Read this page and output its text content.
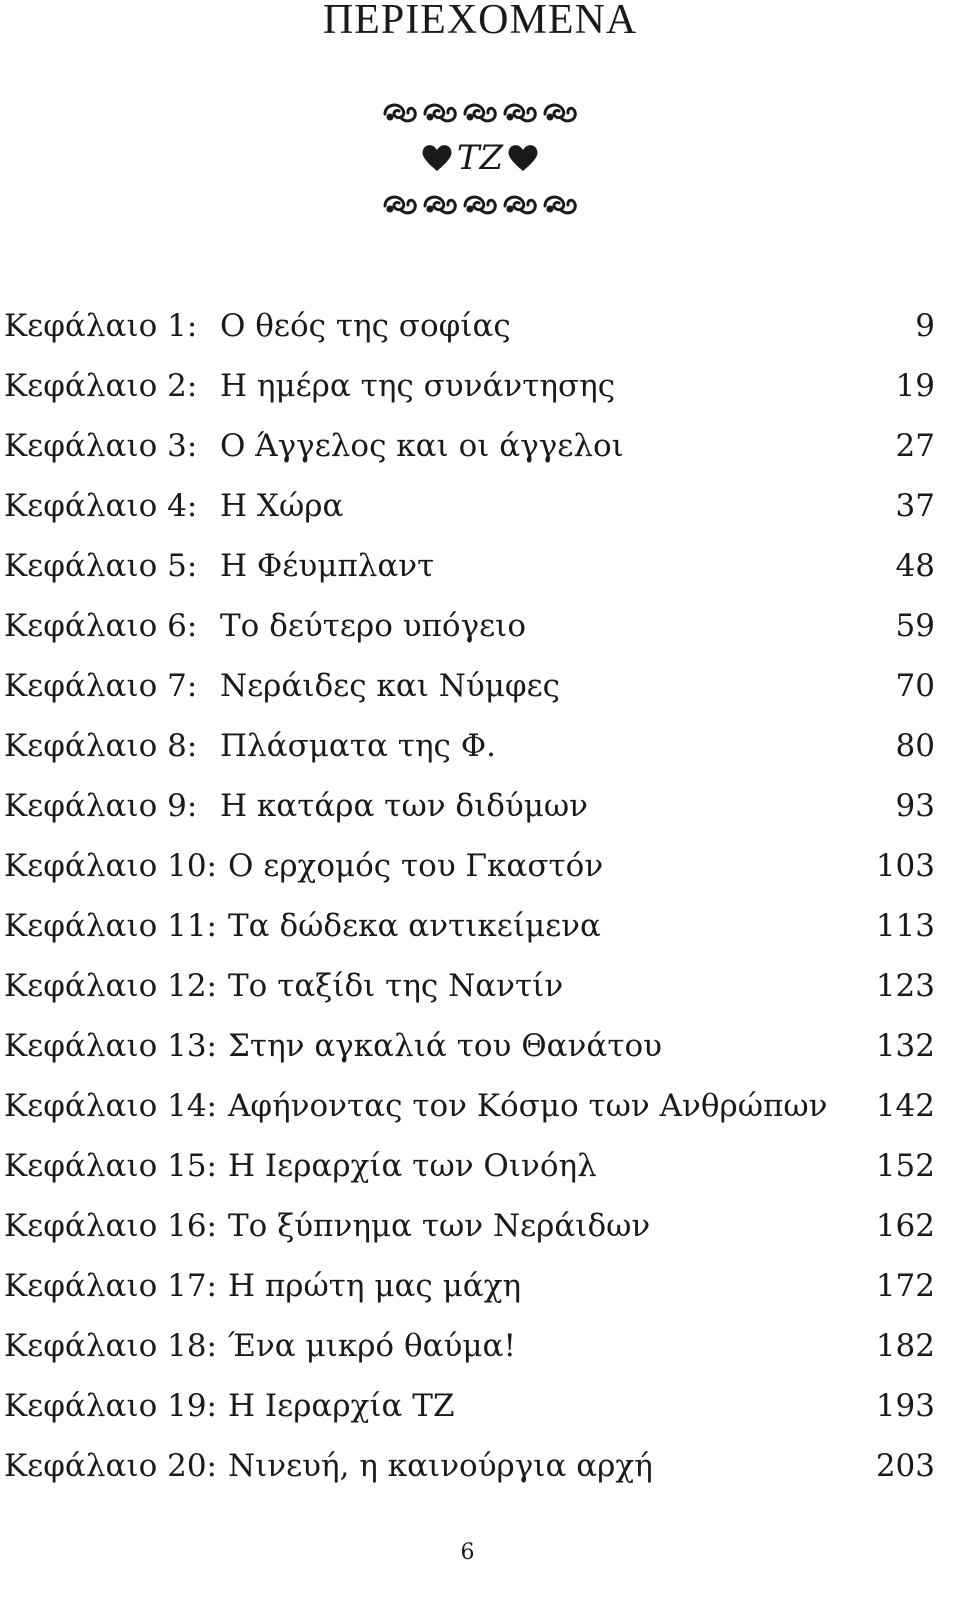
ΠΕΡΙΕΧΟΜΕΝΑ
TZ
Κεφάλαιο 1: Ο θεός της σοφίας	9
Κεφάλαιο 2: Η ημέρα της συνάντησης	19
Κεφάλαιο 3: Ο Άγγελος και οι άγγελοι	27
Κεφάλαιο 4: Η Χώρα	37
Κεφάλαιο 5: Η Φέυμπλαντ	48
Κεφάλαιο 6: Το δεύτερο υπόγειο	59
Κεφάλαιο 7: Νεράιδες και Νύμφες	70
Κεφάλαιο 8: Πλάσματα της Φ.	80
Κεφάλαιο 9: Η κατάρα των διδύμων	93
Κεφάλαιο 10: Ο ερχομός του Γκαστόν	103
Κεφάλαιο 11: Τα δώδεκα αντικείμενα	113
Κεφάλαιο 12: Το ταξίδι της Ναντίν	123
Κεφάλαιο 13: Στην αγκαλιά του Θανάτου	132
Κεφάλαιο 14: Αφήνοντας τον Κόσμο των Ανθρώπων 142
Κεφάλαιο 15: Η Ιεραρχία των Οινόηλ	152
Κεφάλαιο 16: Το ξύπνημα των Νεράιδων	162
Κεφάλαιο 17: Η πρώτη μας μάχη	172
Κεφάλαιο 18: Ένα μικρό θαύμα!	182
Κεφάλαιο 19: Η Ιεραρχία ΤΖ	193
Κεφάλαιο 20: Νινευή, η καινούργια αρχή	203
6
